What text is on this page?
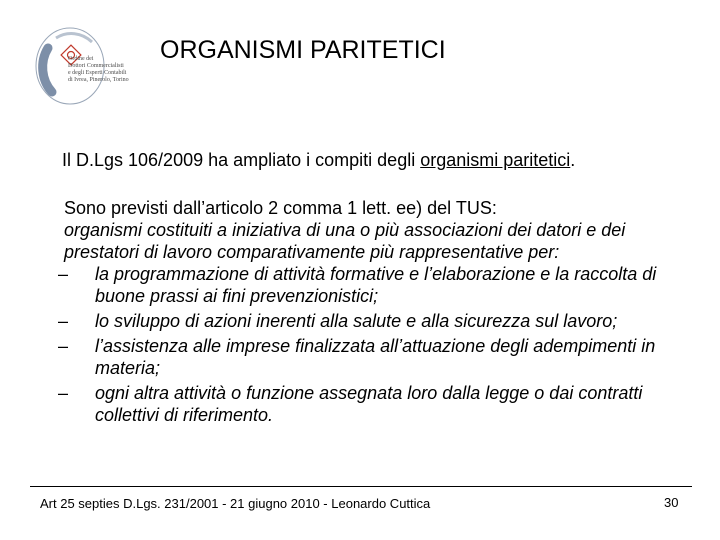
Ordine dei
Dottori Commercialisti
e degli Esperti Contabili
di Ivrea, Pinerolo, Torino
ORGANISMI PARITETICI
Il D.Lgs 106/2009 ha ampliato i compiti degli organismi paritetici.
Sono previsti dall’articolo 2 comma 1 lett. ee) del TUS:
organismi costituiti a iniziativa di una o più associazioni dei datori e dei prestatori di lavoro comparativamente più rappresentative per:
– la programmazione di attività formative e l’elaborazione e la raccolta di buone prassi ai fini prevenzionistici;
– lo sviluppo di azioni inerenti alla salute e alla sicurezza sul lavoro;
– l’assistenza alle imprese finalizzata all’attuazione degli adempimenti in materia;
– ogni altra attività o funzione assegnata loro dalla legge o dai contratti collettivi di riferimento.
Art 25 septies D.Lgs. 231/2001 - 21 giugno 2010 - Leonardo Cuttica	30
